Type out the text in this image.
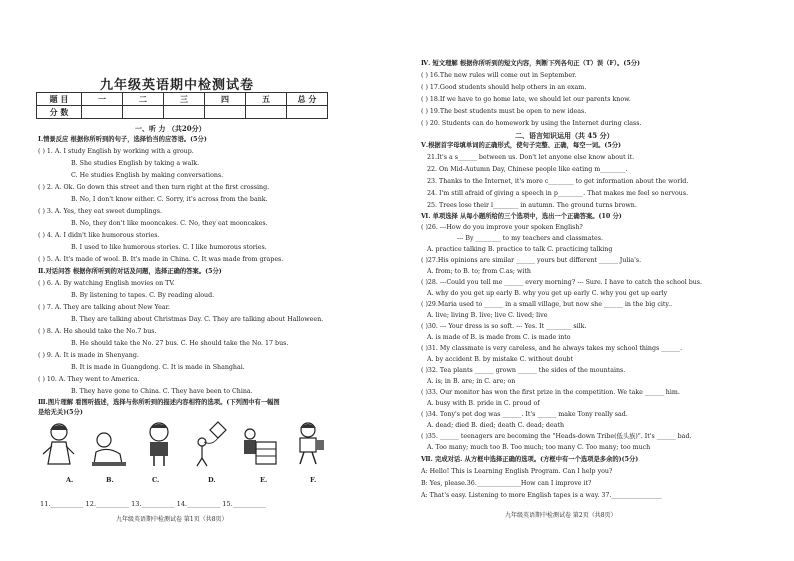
九年级英语期中检测试卷
题 目	一	二	三	四	五	总 分
分 数						
一、听 力 （共20分）
Ⅰ.情景反应 根据你所听到的句子，选择恰当的应答语。(5分)
( ) 1. A. I study English by working with a group.
B. She studies English by taking a walk.
C. He studies English by making conversations.
( ) 2. A. Ok. Go down this street and then turn right at the first crossing.
B. No, I don't know either. C. Sorry, it's across from the bank.
( ) 3. A. Yes, they eat sweet dumplings.
B. No, they don't like mooncakes. C. No, they eat mooncakes.
( ) 4. A. I didn't like humorous stories.
B. I used to like humorous stories. C. I like humorous stories.
( ) 5. A. It's made of wool. B. It's made in China. C. It was made from grapes.
Ⅱ.对话问答 根据你所听到的对话及问题，选择正确的答案。(5分)
( ) 6. A. By watching English movies on TV.
B. By listening to tapes. C. By reading aloud.
( ) 7. A. They are talking about New Year.
B. They are talking about Christmas Day. C. They are talking about Halloween.
( ) 8. A. He should take the No.7 bus.
B. He should take the No. 27 bus. C. He should take the No. 17 bus.
( ) 9. A. It is made in Shenyang.
B. It is made in Guangdong. C. It is made in Shanghai.
( ) 10. A. They went to America.
B. They have gone to China. C. They have been to China.
Ⅲ.图片理解 看图听描述，选择与你所听到的描述内容相符的选项。(下列图中有一幅图
是给无关)(5分)
A.	B.	C.	D.	E.	F.
11.__________ 12.__________ 13.__________ 14.__________ 15.__________
九年级英语期中检测试卷 第1页（共8页）
Ⅳ. 短文理解 根据你所听到的短文内容，判断下列各句正（T）误（F）。(5分)
( ) 16.The new rules will come out in September.
( ) 17.Good students should help others in an exam.
( ) 18.If we have to go home late, we should let our parents know.
( ) 19.The best students must be open to new ideas.
( ) 20. Students can do homework by using the Internet during class.
二、语言知识运用（共 45 分）
Ⅴ.根据首字母填单词的正确形式，使句子完整、正确，每空一词。(5分)
21.It's a s______ between us. Don't let anyone else know about it.
22. On Mid-Autumn Day, Chinese people like eating m________.
23. Thanks to the Internet, it's more c________ to get information about the world.
24. I'm still afraid of giving a speech in p________. That makes me feel so nervous.
25. Trees lose their l________ in autumn. The ground turns brown.
Ⅵ. 单项选择 从每小题所给的三个选项中，选出一个正确答案。(10 分)
( )26. ---How do you improve your spoken English?
--- By ________ to my teachers and classmates.
A. practice talking B. practice to talk C. practicing talking
( )27.His opinions are similar ______ yours but different ______ Julia's.
A. from; to B. to; from C.as; with
( )28. ---Could you tell me ______ every morning? --- Sure. I have to catch the school bus.
A. why do you get up early B. why you get up early C. why you get up early
( )29.Maria used to ______ in a small village, but now she ______ in the big city..
A. live; living B. live; live C. lived; live
( )30. --- Your dress is so soft. --- Yes. It ________ silk.
A. is made of B. is made from C. is made into
( )31. My classmate is very careless, and he always takes my school things ______.
A. by accident B. by mistake C. without doubt
( )32. Tea plants ______ grown ______ the sides of the mountains.
A. is; in B. are; in C. are; on
( )33. Our monitor has won the first prize in the competition. We take ______ him.
A. busy with B. pride in C. proud of
( )34. Tony's pet dog was ______. It's ______ make Tony really sad.
A. dead; died B. died; death C. dead; death
( )35. ______ teenagers are becoming the "Heads-down Tribe(低头族)". It's ______ bad.
A. Too many; much too B. Too much; too many C. Too many; too much
Ⅶ. 完成对话. 从方框中选择正确的选项。(方框中有一个选项是多余的)(5分)
A: Hello! This is Learning English Program. Can I help you?
B: Yes, please.36.______________How can I improve it?
A: That's easy. Listening to more English tapes is a way. 37.________________
九年级英语期中检测试卷 第2页（共8页）
